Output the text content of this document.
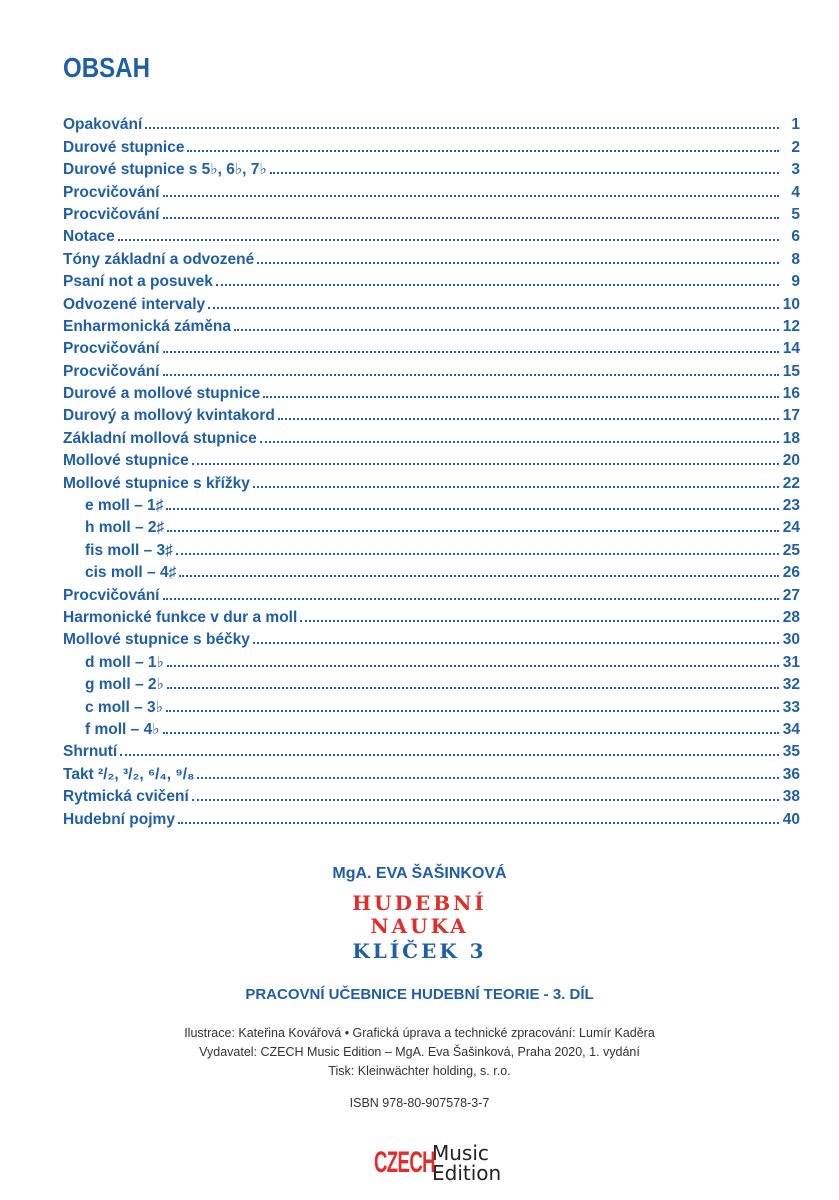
OBSAH
Opakování	1
Durové stupnice	2
Durové stupnice s 5♭, 6♭, 7♭	3
Procvičování	4
Procvičování	5
Notace	6
Tóny základní a odvozené	8
Psaní not a posuvek	9
Odvozené intervaly	10
Enharmonická záměna	12
Procvičování	14
Procvičování	15
Durové a mollové stupnice	16
Durový a mollový kvintakord	17
Základní mollová stupnice	18
Mollové stupnice	20
Mollové stupnice s křížky	22
e moll – 1♯	23
h moll – 2♯	24
fis moll – 3♯	25
cis moll – 4♯	26
Procvičování	27
Harmonické funkce v dur a moll	28
Mollové stupnice s béčky	30
d moll – 1♭	31
g moll – 2♭	32
c moll – 3♭	33
f moll – 4♭	34
Shrnutí	35
Takt ²/₂, ³/₂, ⁶/₄, ⁹/₈	36
Rytmická cvičení	38
Hudební pojmy	40
MgA. EVA ŠAŠINKOVÁ
HUDEBNÍ
NAUKA
KLÍČEK 3
PRACOVNÍ UČEBNICE HUDEBNÍ TEORIE - 3. DÍL
Ilustrace: Kateřina Kovářová • Grafická úprava a technické zpracování: Lumír Kaděra
Vydavatel: CZECH Music Edition – MgA. Eva Šašinková, Praha 2020, 1. vydání
Tisk: Kleinwächter holding, s. r.o.
ISBN 978-80-907578-3-7
CZECH
Music
Edition
